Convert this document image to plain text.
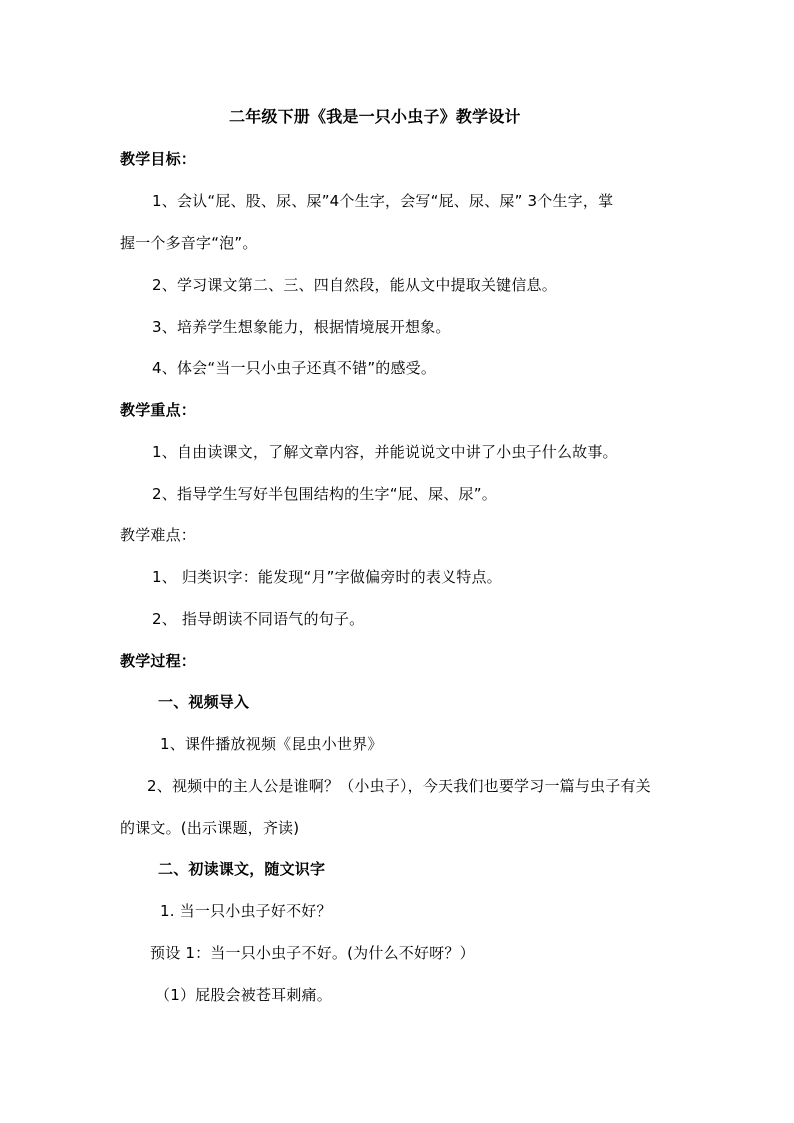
二年级下册《我是一只小虫子》教学设计
教学目标：
1、会认“屁、股、尿、屎”4个生字，会写“屁、尿、屎” 3个生字，掌
握一个多音字“泡”。
2、学习课文第二、三、四自然段，能从文中提取关键信息。
3、培养学生想象能力，根据情境展开想象。
4、体会“当一只小虫子还真不错”的感受。
教学重点：
1、自由读课文，了解文章内容，并能说说文中讲了小虫子什么故事。
2、指导学生写好半包围结构的生字“屁、屎、尿”。
教学难点：
1、 归类识字：能发现“月”字做偏旁时的表义特点。
2、 指导朗读不同语气的句子。
教学过程：
一、视频导入
1、课件播放视频《昆虫小世界》
2、视频中的主人公是谁啊？（小虫子），今天我们也要学习一篇与虫子有关
的课文。(出示课题，齐读)
二、初读课文，随文识字
1. 当一只小虫子好不好？
预设 1：当一只小虫子不好。(为什么不好呀？）
（1）屁股会被苍耳刺痛。
